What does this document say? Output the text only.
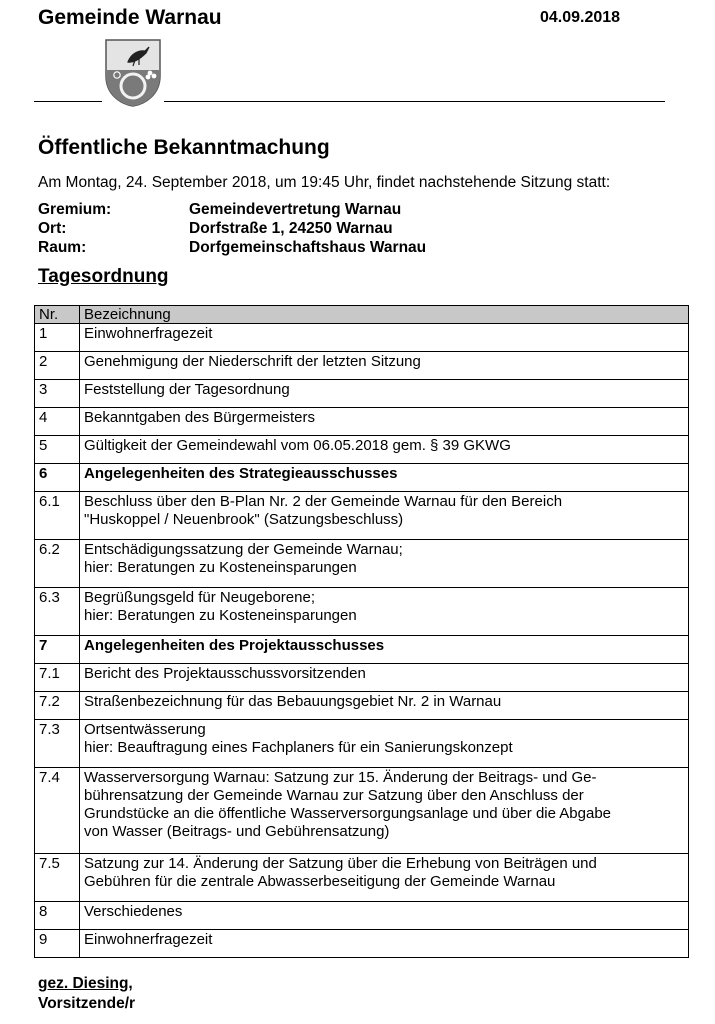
Gemeinde Warnau	04.09.2018
Öffentliche Bekanntmachung
Am Montag, 24. September 2018, um 19:45 Uhr, findet nachstehende Sitzung statt:
Gremium:	Gemeindevertretung Warnau
Ort:	Dorfstraße 1, 24250 Warnau
Raum:	Dorfgemeinschaftshaus Warnau
Tagesordnung
Nr.	Bezeichnung
1	Einwohnerfragezeit
2	Genehmigung der Niederschrift der letzten Sitzung
3	Feststellung der Tagesordnung
4	Bekanntgaben des Bürgermeisters
5	Gültigkeit der Gemeindewahl vom 06.05.2018 gem. § 39 GKWG
6	Angelegenheiten des Strategieausschusses
6.1	Beschluss über den B-Plan Nr. 2 der Gemeinde Warnau für den Bereich
"Huskoppel / Neuenbrook" (Satzungsbeschluss)
6.2	Entschädigungssatzung der Gemeinde Warnau;
hier: Beratungen zu Kosteneinsparungen
6.3	Begrüßungsgeld für Neugeborene;
hier: Beratungen zu Kosteneinsparungen
7	Angelegenheiten des Projektausschusses
7.1	Bericht des Projektausschussvorsitzenden
7.2	Straßenbezeichnung für das Bebauungsgebiet Nr. 2 in Warnau
7.3	Ortsentwässerung
hier: Beauftragung eines Fachplaners für ein Sanierungskonzept
7.4	Wasserversorgung Warnau: Satzung zur 15. Änderung der Beitrags- und Ge-
bührensatzung der Gemeinde Warnau zur Satzung über den Anschluss der
Grundstücke an die öffentliche Wasserversorgungsanlage und über die Abgabe
von Wasser (Beitrags- und Gebührensatzung)
7.5	Satzung zur 14. Änderung der Satzung über die Erhebung von Beiträgen und
Gebühren für die zentrale Abwasserbeseitigung der Gemeinde Warnau
8	Verschiedenes
9	Einwohnerfragezeit
gez. Diesing,
Vorsitzende/r
